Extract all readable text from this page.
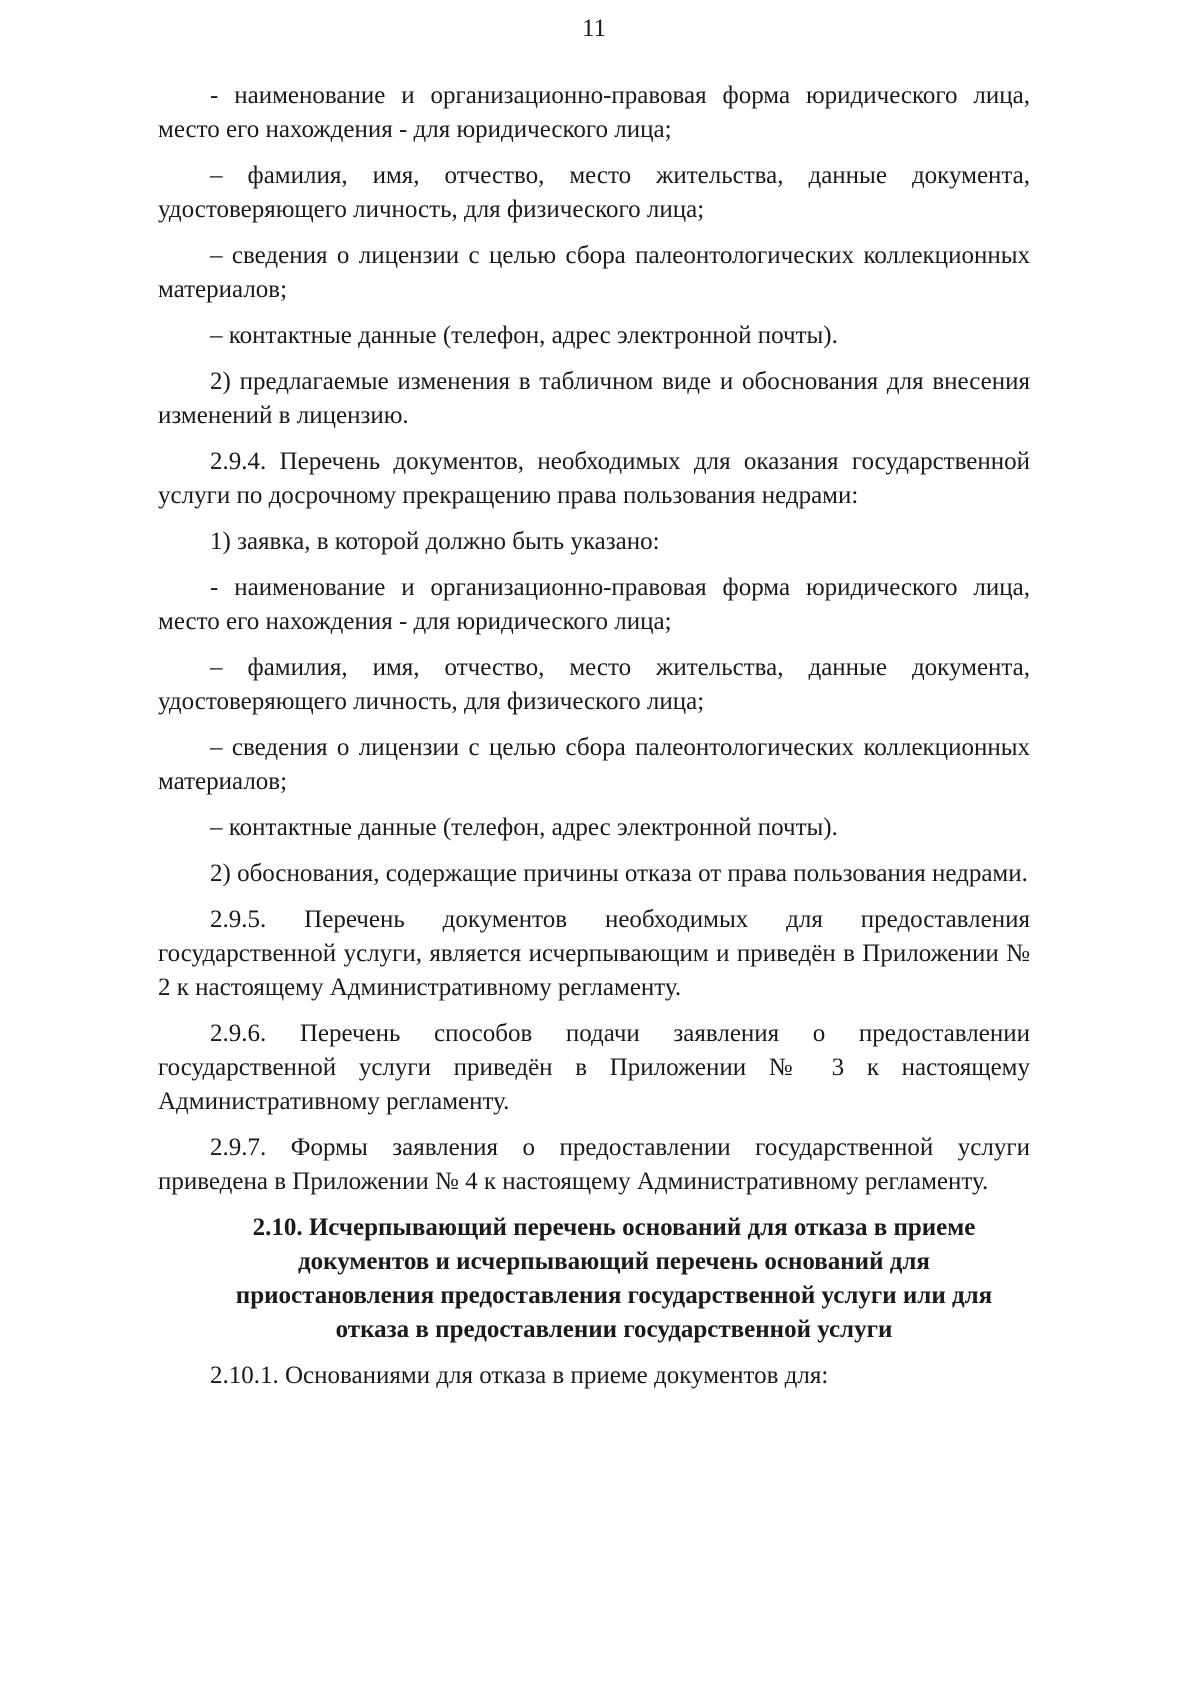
11

- наименование и организационно-правовая форма юридического лица, место его нахождения - для юридического лица;

– фамилия, имя, отчество, место жительства, данные документа, удостоверяющего личность, для физического лица;

– сведения о лицензии с целью сбора палеонтологических коллекционных материалов;

– контактные данные (телефон, адрес электронной почты).

2) предлагаемые изменения в табличном виде и обоснования для внесения изменений в лицензию.

2.9.4. Перечень документов, необходимых для оказания государственной услуги по досрочному прекращению права пользования недрами:

1) заявка, в которой должно быть указано:

- наименование и организационно-правовая форма юридического лица, место его нахождения - для юридического лица;

– фамилия, имя, отчество, место жительства, данные документа, удостоверяющего личность, для физического лица;

– сведения о лицензии с целью сбора палеонтологических коллекционных материалов;

– контактные данные (телефон, адрес электронной почты).

2) обоснования, содержащие причины отказа от права пользования недрами.

2.9.5. Перечень документов необходимых для предоставления государственной услуги, является исчерпывающим и приведён в Приложении № 2 к настоящему Административному регламенту.

2.9.6. Перечень способов подачи заявления о предоставлении государственной услуги приведён в Приложении № 3 к настоящему Административному регламенту.

2.9.7. Формы заявления о предоставлении государственной услуги приведена в Приложении № 4 к настоящему Административному регламенту.

2.10. Исчерпывающий перечень оснований для отказа в приеме
документов и исчерпывающий перечень оснований для
приостановления предоставления государственной услуги или для
отказа в предоставлении государственной услуги

2.10.1. Основаниями для отказа в приеме документов для:
